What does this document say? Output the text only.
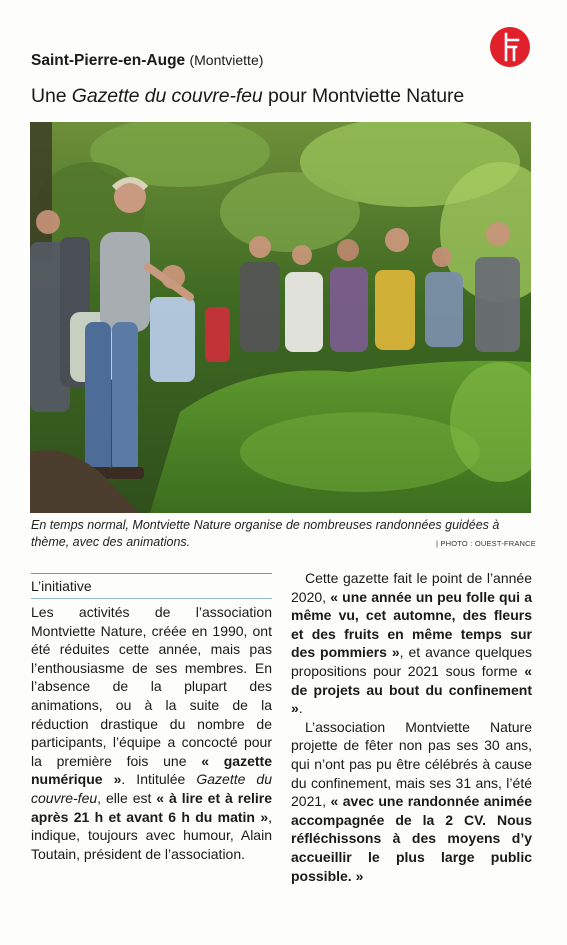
Saint-Pierre-en-Auge (Montviette)
Une Gazette du couvre-feu pour Montviette Nature
En temps normal, Montviette Nature organise de nombreuses randonnées guidées à thème, avec des animations.	| PHOTO : OUEST-FRANCE
L’initiative

Les activités de l’association Montviette Nature, créée en 1990, ont été réduites cette année, mais pas l’enthousiasme de ses membres. En l’absence de la plupart des animations, ou à la suite de la réduction drastique du nombre de participants, l’équipe a concocté pour la première fois une « gazette numérique ». Intitulée Gazette du couvre-feu, elle est « à lire et à relire après 21 h et avant 6 h du matin », indique, toujours avec humour, Alain Toutain, président de l’association.

Cette gazette fait le point de l’année 2020, « une année un peu folle qui a même vu, cet automne, des fleurs et des fruits en même temps sur des pommiers », et avance quelques propositions pour 2021 sous forme « de projets au bout du confinement ».

L’association Montviette Nature projette de fêter non pas ses 30 ans, qui n’ont pas pu être célébrés à cause du confinement, mais ses 31 ans, l’été 2021, « avec une randonnée animée accompagnée de la 2 CV. Nous réfléchissons à des moyens d’y accueillir le plus large public possible. »
